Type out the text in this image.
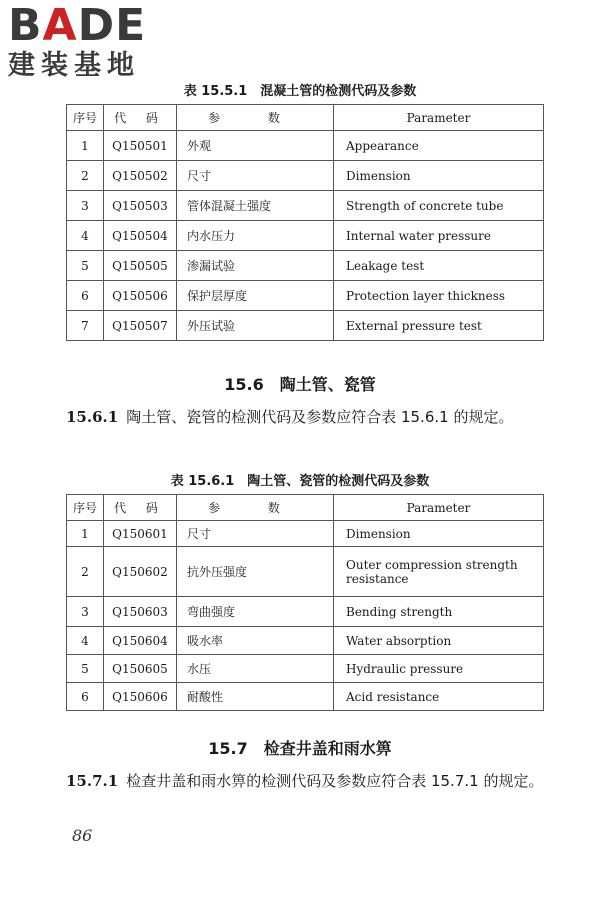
BADE
建装基地
表 15.5.1　混凝土管的检测代码及参数
序号	代 码	参 数	Parameter
1	Q150501	外观	Appearance
2	Q150502	尺寸	Dimension
3	Q150503	管体混凝土强度	Strength of concrete tube
4	Q150504	内水压力	Internal water pressure
5	Q150505	渗漏试验	Leakage test
6	Q150506	保护层厚度	Protection layer thickness
7	Q150507	外压试验	External pressure test
15.6　陶土管、瓷管
15.6.1 陶土管、瓷管的检测代码及参数应符合表 15.6.1 的规定。
表 15.6.1　陶土管、瓷管的检测代码及参数
序号	代 码	参 数	Parameter
1	Q150601	尺寸	Dimension
2	Q150602	抗外压强度	Outer compression strength resistance
3	Q150603	弯曲强度	Bending strength
4	Q150604	吸水率	Water absorption
5	Q150605	水压	Hydraulic pressure
6	Q150606	耐酸性	Acid resistance
15.7　检查井盖和雨水箅
15.7.1 检查井盖和雨水箅的检测代码及参数应符合表 15.7.1 的规定。
86
